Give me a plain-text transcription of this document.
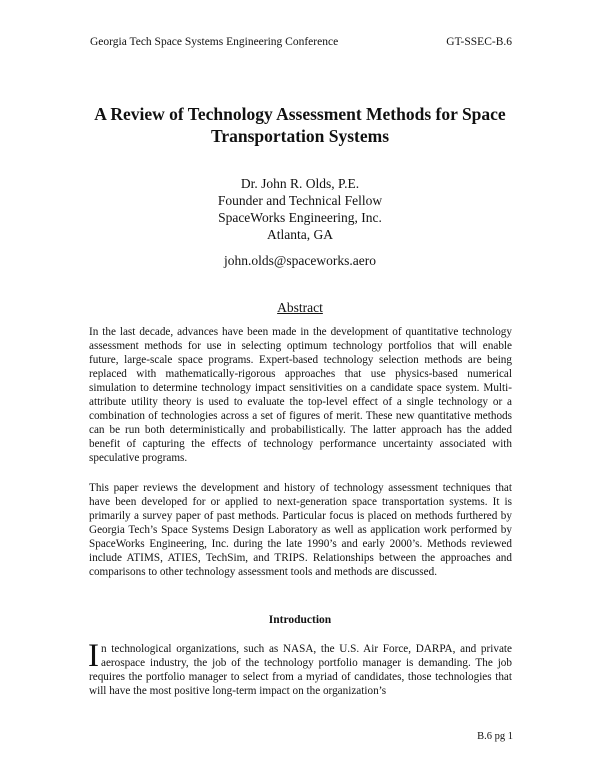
Georgia Tech Space Systems Engineering Conference	GT-SSEC-B.6
A Review of Technology Assessment Methods for Space
Transportation Systems
Dr. John R. Olds, P.E.
Founder and Technical Fellow
SpaceWorks Engineering, Inc.
Atlanta, GA
john.olds@spaceworks.aero
Abstract

In the last decade, advances have been made in the development of quantitative technology assessment methods for use in selecting optimum technology portfolios that will enable future, large-scale space programs. Expert-based technology selection methods are being replaced with mathematically-rigorous approaches that use physics-based numerical simulation to determine technology impact sensitivities on a candidate space system. Multi-attribute utility theory is used to evaluate the top-level effect of a single technology or a combination of technologies across a set of figures of merit. These new quantitative methods can be run both deterministically and probabilistically. The latter approach has the added benefit of capturing the effects of technology performance uncertainty associated with speculative programs.

This paper reviews the development and history of technology assessment techniques that have been developed for or applied to next-generation space transportation systems. It is primarily a survey paper of past methods. Particular focus is placed on methods furthered by Georgia Tech’s Space Systems Design Laboratory as well as application work performed by SpaceWorks Engineering, Inc. during the late 1990’s and early 2000’s. Methods reviewed include ATIMS, ATIES, TechSim, and TRIPS. Relationships between the approaches and comparisons to other technology assessment tools and methods are discussed.

Introduction

In technological organizations, such as NASA, the U.S. Air Force, DARPA, and private aerospace industry, the job of the technology portfolio manager is demanding. The job requires the portfolio manager to select from a myriad of candidates, those technologies that will have the most positive long-term impact on the organization’s

B.6 pg 1
